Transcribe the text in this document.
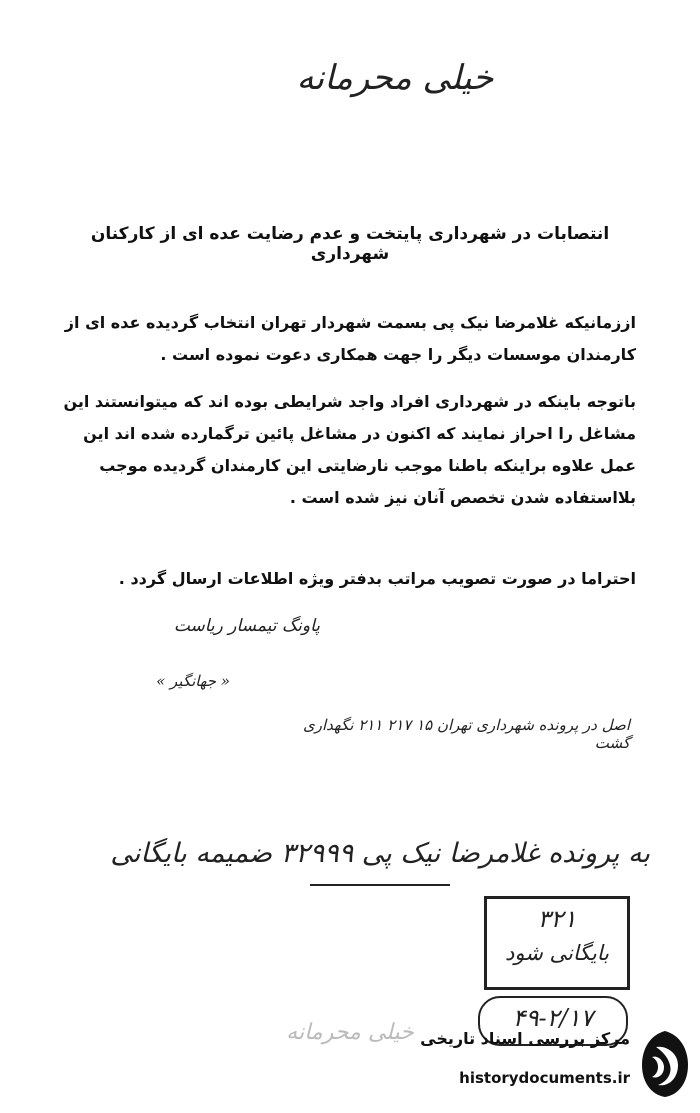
خیلی محرمانه
انتصابات در شهرداری پایتخت و عدم رضایت عده ای از کارکنان شهرداری
اززمانیکه غلامرضا نیک پی بسمت شهردار تهران انتخاب گردیده عده ای از کارمندان موسسات دیگر را جهت همکاری دعوت نموده است .
باتوجه باینکه در شهرداری افراد واجد شرایطی بوده اند که میتوانستند این مشاغل را احراز نمایند که اکنون در مشاغل پائین ترگمارده شده اند این عمل علاوه براینکه باطنا موجب نارضایتی این کارمندان گردیده موجب بلااستفاده شدن تخصص آنان نیز شده است .
احتراما در صورت تصویب مراتب بدفتر ویژه اطلاعات ارسال گردد .
پاونگ تیمسار ریاست
« جهانگیر »
اصل در پرونده شهرداری تهران ۱۵ ۲۱۷ ۲۱۱ نگهداری گشت
به پرونده غلامرضا نیک پی ۳۲۹۹۹ ضمیمه بایگانی
۳۲۱
بایگانی شود
۴۹-۲/۱۷
خیلی محرمانه مرکز بررسی اسناد تاریخی
historydocuments.ir
